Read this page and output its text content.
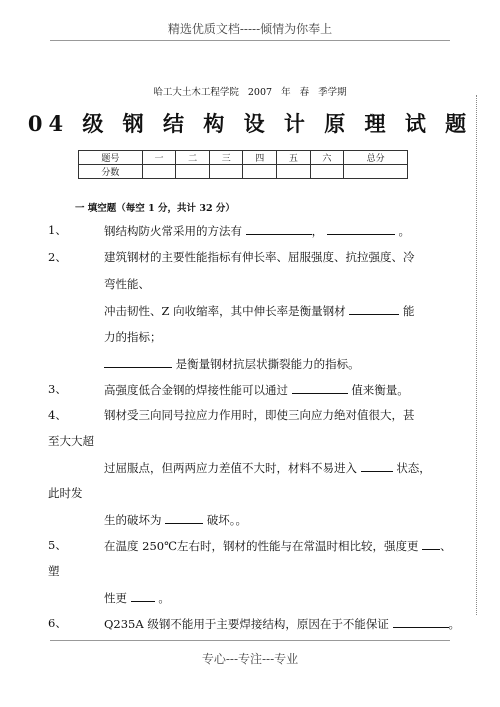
精选优质文档-----倾情为你奉上
哈工大土木工程学院 2007 年 春 季学期
04 级 钢 结 构 设 计 原 理 试 题
题号	一	二	三	四	五	六	总分
分数							
一 填空题（每空 1 分，共计 32 分）
1、	钢结构防火常采用的方法有	，	。
2、	建筑钢材的主要性能指标有伸长率、屈服强度、抗拉强度、冷
弯性能、
冲击韧性、Z 向收缩率，其中伸长率是衡量钢材	能
力的指标；
是衡量钢材抗层状撕裂能力的指标。
3、	高强度低合金钢的焊接性能可以通过	值来衡量。
4、	钢材受三向同号拉应力作用时，即使三向应力绝对值很大，甚
至大大超
过屈服点，但两两应力差值不大时，材料不易进入	状态，
此时发
生的破坏为	破坏。。
5、	在温度 250℃左右时，钢材的性能与在常温时相比较，强度更 、
塑
性更	。
6、	Q235A 级钢不能用于主要焊接结构，原因在于不能保证	。
专心---专注---专业
